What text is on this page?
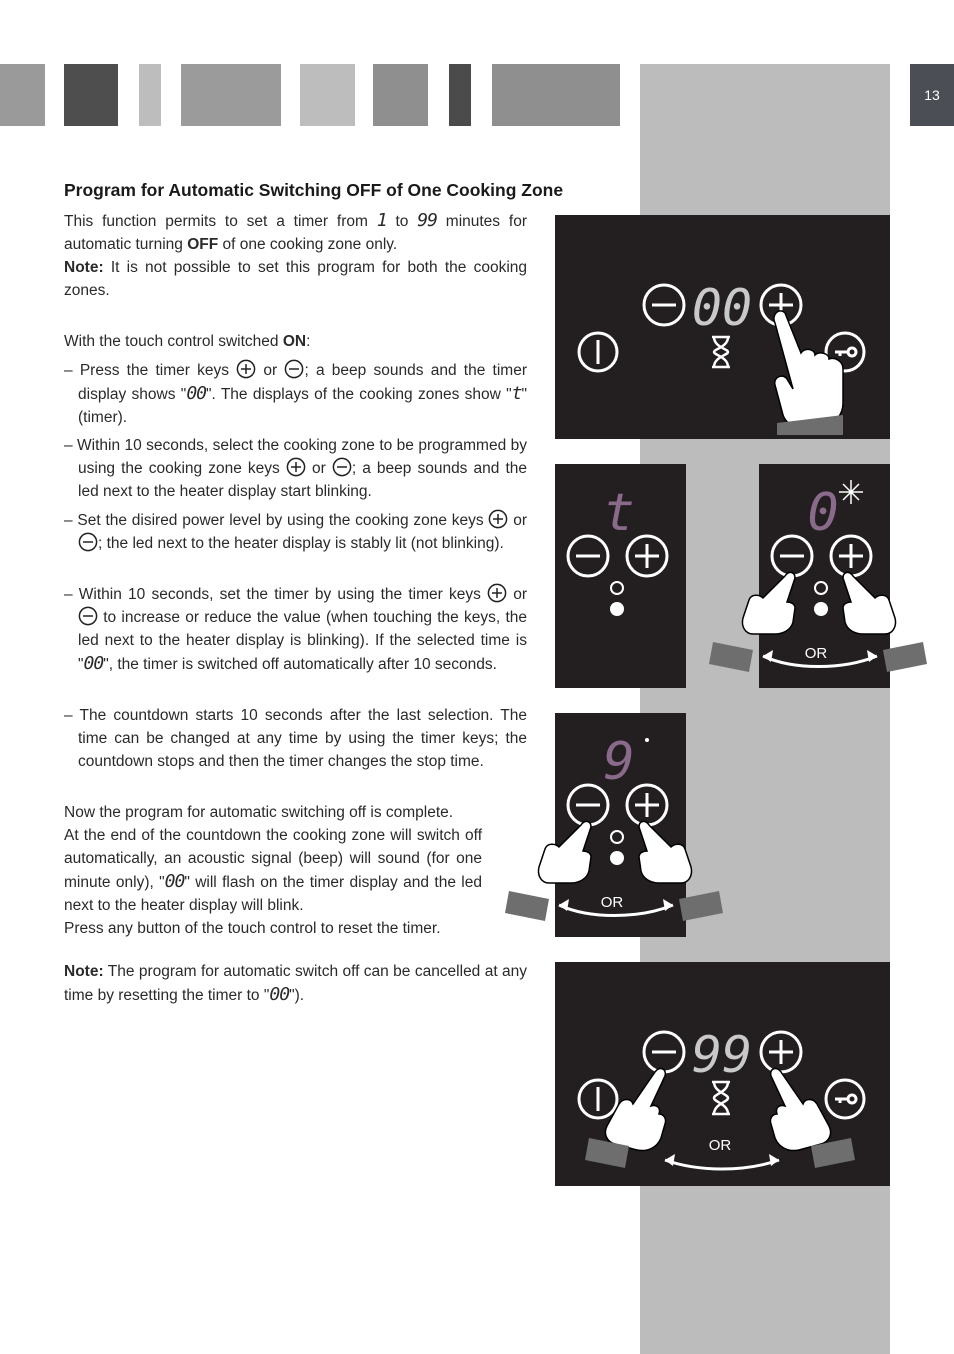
13
Program for Automatic Switching OFF of One Cooking Zone
This function permits to set a timer from 1 to 99 minutes for automatic turning OFF of one cooking zone only.
Note: It is not possible to set this program for both the cooking zones.
With the touch control switched ON:
– Press the timer keys or ; a beep sounds and the timer display shows "00". The displays of the cooking zones show "t" (timer).
– Within 10 seconds, select the cooking zone to be programmed by using the cooking zone keys or ; a beep sounds and the led next to the heater display start blinking.
– Set the disired power level by using the cooking zone keys or ; the led next to the heater display is stably lit (not blinking).
– Within 10 seconds, set the timer by using the timer keys or  to increase or reduce the value (when touching the keys, the led next to the heater display is blinking). If the selected time is "00", the timer is switched off automatically after 10 seconds.
– The countdown starts 10 seconds after the last selection. The time can be changed at any time by using the timer keys; the countdown stops and then the timer changes the stop time.
Now the program for automatic switching off is complete.
At the end of the countdown the cooking zone will switch off automatically, an acoustic signal (beep) will sound (for one minute only), "00" will flash on the timer display and the led next to the heater display will blink.
Press any button of the touch control to reset the timer.
Note: The program for automatic switch off can be cancelled at any time by resetting the timer to "00").
00
t	0
OR
9
OR
99
OR
